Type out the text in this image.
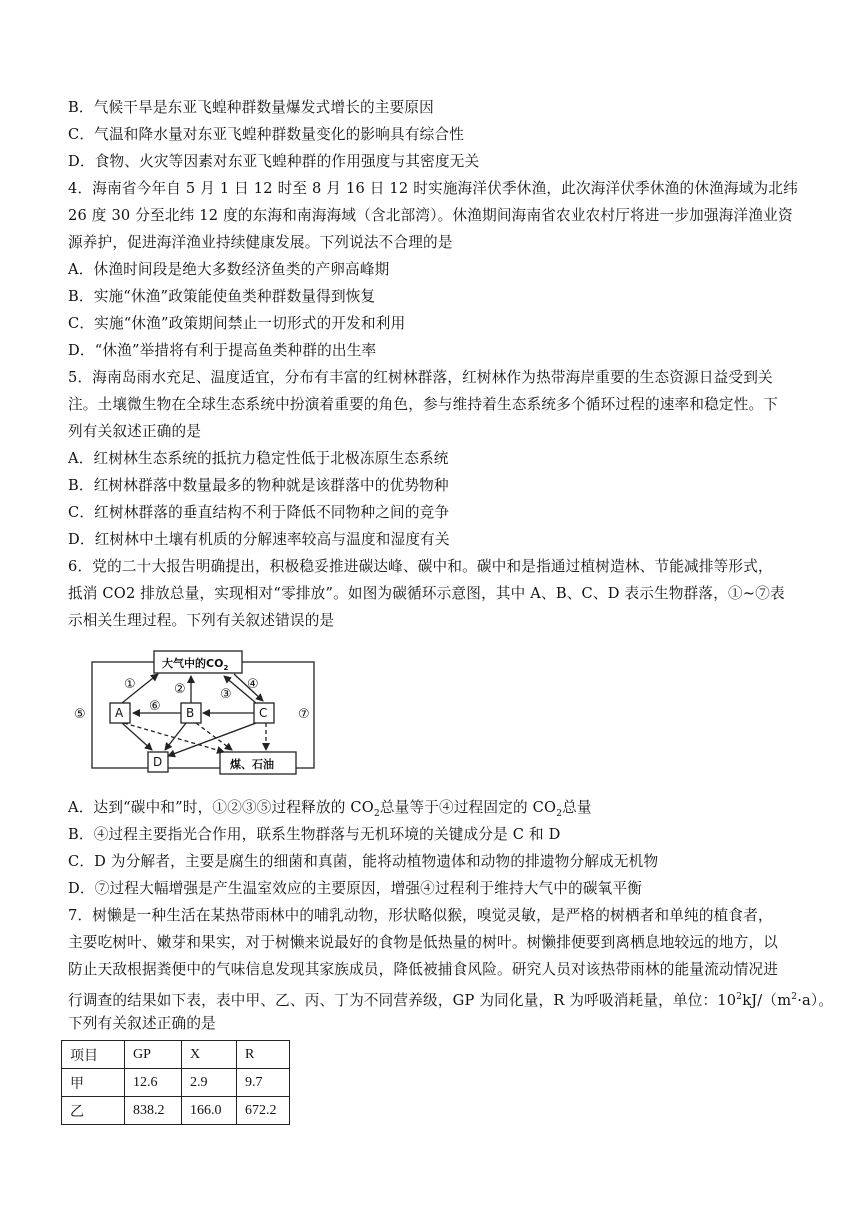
B．气候干旱是东亚飞蝗种群数量爆发式增长的主要原因
C．气温和降水量对东亚飞蝗种群数量变化的影响具有综合性
D．食物、火灾等因素对东亚飞蝗种群的作用强度与其密度无关
4．海南省今年自 5 月 1 日 12 时至 8 月 16 日 12 时实施海洋伏季休渔，此次海洋伏季休渔的休渔海域为北纬
26 度 30 分至北纬 12 度的东海和南海海域（含北部湾）。休渔期间海南省农业农村厅将进一步加强海洋渔业资
源养护，促进海洋渔业持续健康发展。下列说法不合理的是
A．休渔时间段是绝大多数经济鱼类的产卵高峰期
B．实施“休渔”政策能使鱼类种群数量得到恢复
C．实施“休渔”政策期间禁止一切形式的开发和利用
D．“休渔”举措将有利于提高鱼类种群的出生率
5．海南岛雨水充足、温度适宜，分布有丰富的红树林群落，红树林作为热带海岸重要的生态资源日益受到关
注。土壤微生物在全球生态系统中扮演着重要的角色，参与维持着生态系统多个循环过程的速率和稳定性。下
列有关叙述正确的是
A．红树林生态系统的抵抗力稳定性低于北极冻原生态系统
B．红树林群落中数量最多的物种就是该群落中的优势物种
C．红树林群落的垂直结构不利于降低不同物种之间的竞争
D．红树林中土壤有机质的分解速率较高与温度和湿度有关
6．党的二十大报告明确提出，积极稳妥推进碳达峰、碳中和。碳中和是指通过植树造林、节能减排等形式，
抵消 CO2 排放总量，实现相对“零排放”。如图为碳循环示意图，其中 A、B、C、D 表示生物群落，①~⑦表
示相关生理过程。下列有关叙述错误的是
大气中的$CO_2$
A	B	C
D	煤、石油
①	②	③
④
⑤
⑥
⑦
A．达到“碳中和”时，①②③⑤过程释放的 $CO_2$总量等于④过程固定的 $CO_2$总量
B．④过程主要指光合作用，联系生物群落与无机环境的关键成分是 C 和 D
C．D 为分解者，主要是腐生的细菌和真菌，能将动植物遗体和动物的排遗物分解成无机物
D．⑦过程大幅增强是产生温室效应的主要原因，增强④过程利于维持大气中的碳氧平衡
7．树懒是一种生活在某热带雨林中的哺乳动物，形状略似猴，嗅觉灵敏，是严格的树栖者和单纯的植食者，
主要吃树叶、嫩芽和果实，对于树懒来说最好的食物是低热量的树叶。树懒排便要到离栖息地较远的地方，以
防止天敌根据粪便中的气味信息发现其家族成员，降低被捕食风险。研究人员对该热带雨林的能量流动情况进
行调查的结果如下表，表中甲、乙、丙、丁为不同营养级，GP 为同化量，R 为呼吸消耗量，单位：$10^2kJ/(m^2\cdot a)$。
下列有关叙述正确的是
项目	GP	X	R
甲	12.6	2.9	9.7
乙	838.2	166.0	672.2
